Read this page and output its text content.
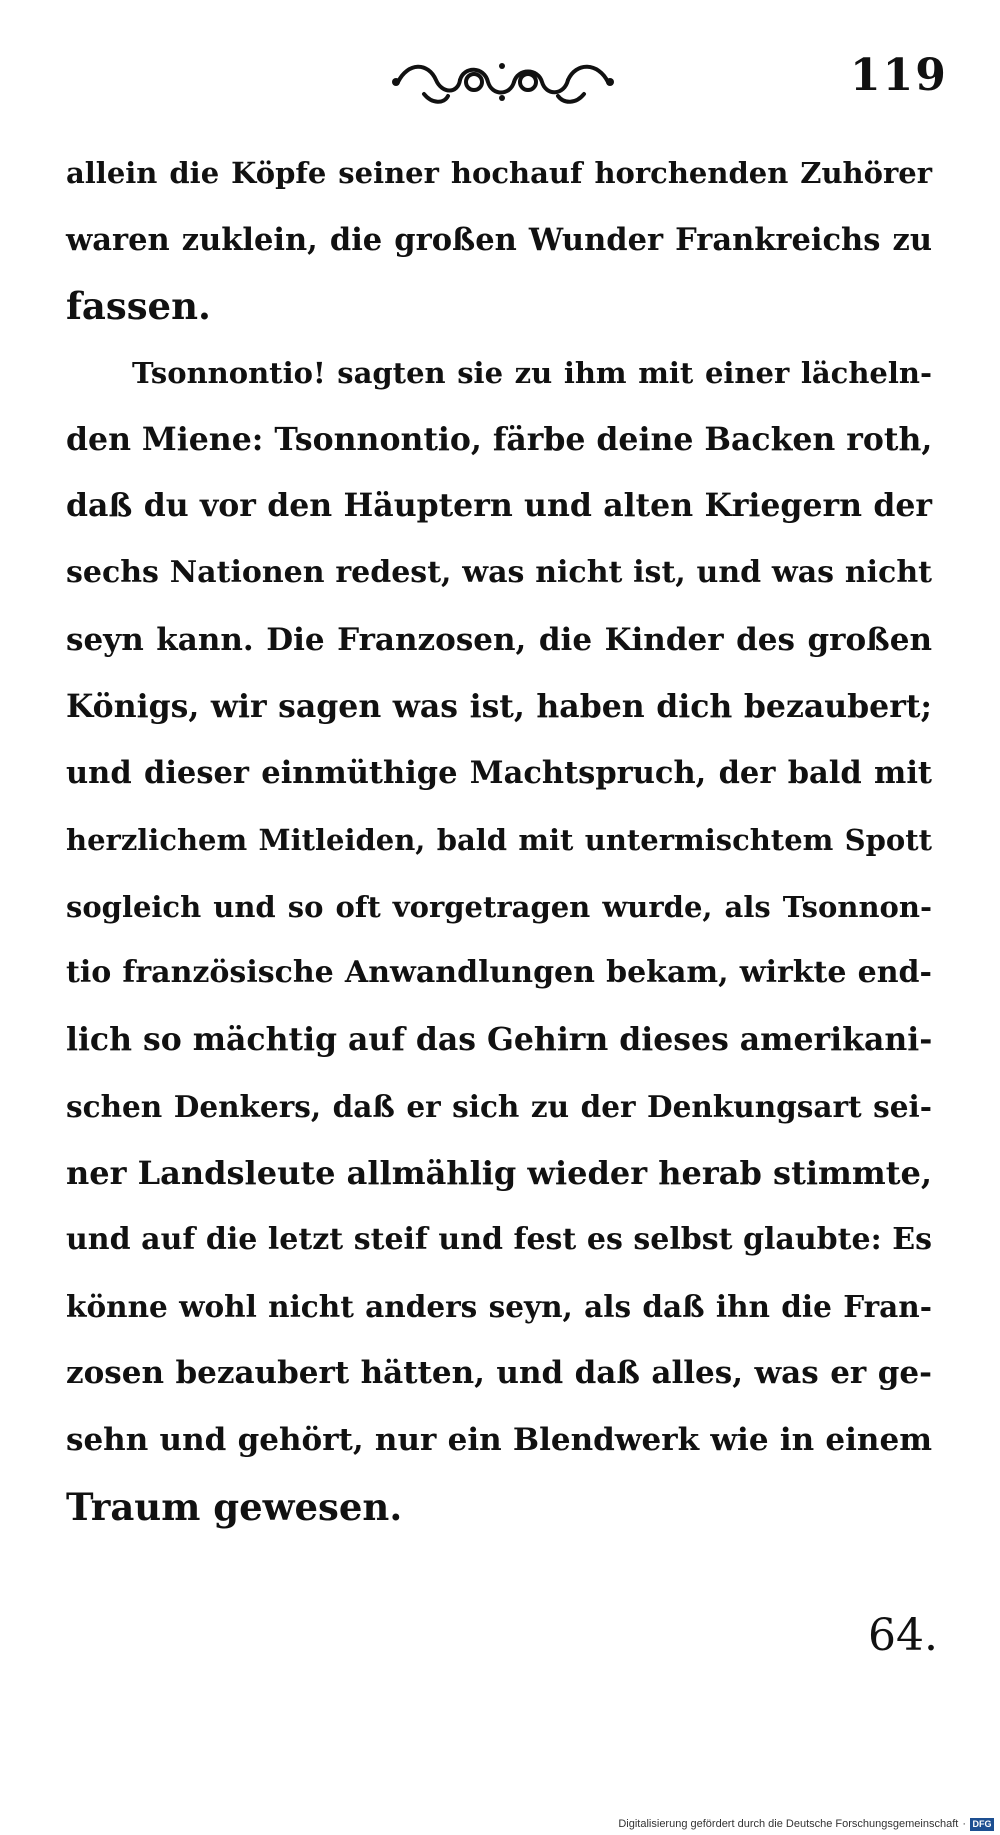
119
allein die Köpfe seiner hochauf horchenden Zuhörer
waren zuklein, die großen Wunder Frankreichs zu
fassen.
Tsonnontio! sagten sie zu ihm mit einer lächeln-
den Miene: Tsonnontio, färbe deine Backen roth,
daß du vor den Häuptern und alten Kriegern der
sechs Nationen redest, was nicht ist, und was nicht
seyn kann. Die Franzosen, die Kinder des großen
Königs, wir sagen was ist, haben dich bezaubert;
und dieser einmüthige Machtspruch, der bald mit
herzlichem Mitleiden, bald mit untermischtem Spott
sogleich und so oft vorgetragen wurde, als Tsonnon-
tio französische Anwandlungen bekam, wirkte end-
lich so mächtig auf das Gehirn dieses amerikani-
schen Denkers, daß er sich zu der Denkungsart sei-
ner Landsleute allmählig wieder herab stimmte,
und auf die letzt steif und fest es selbst glaubte: Es
könne wohl nicht anders seyn, als daß ihn die Fran-
zosen bezaubert hätten, und daß alles, was er ge-
sehn und gehört, nur ein Blendwerk wie in einem
Traum gewesen.
64.
Digitalisierung gefördert durch die Deutsche Forschungsgemeinschaft · DFG
